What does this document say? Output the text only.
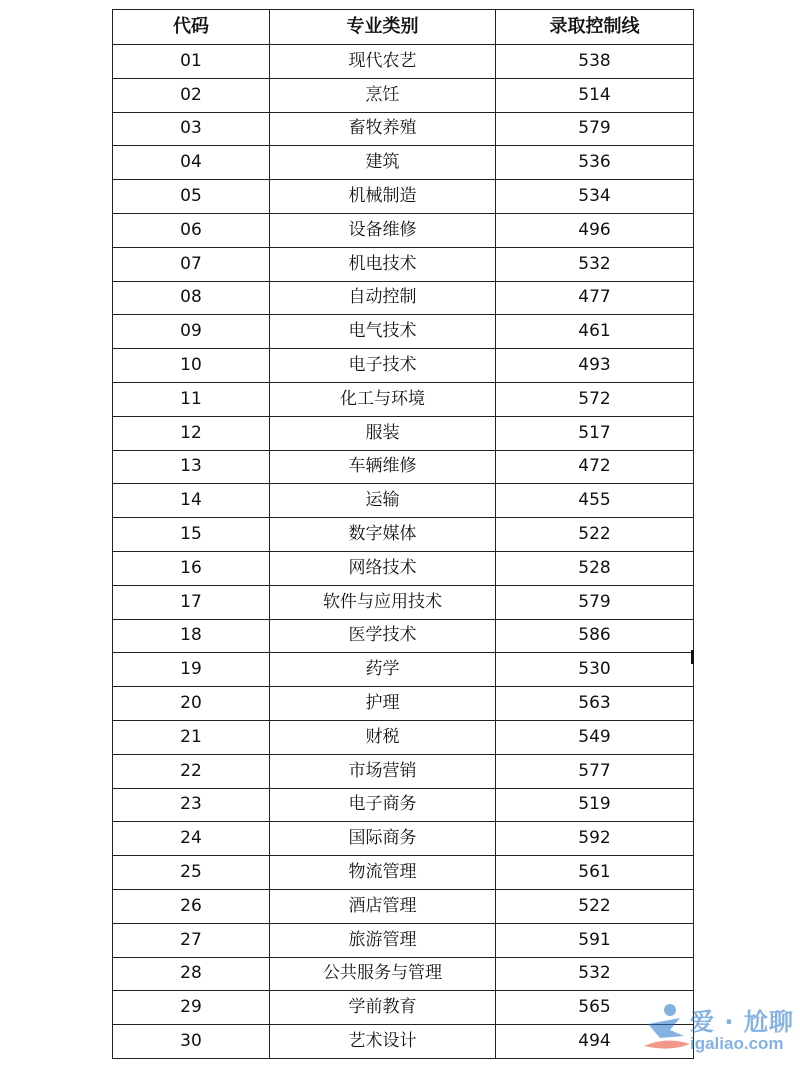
代码	专业类别	录取控制线
01	现代农艺	538
02	烹饪	514
03	畜牧养殖	579
04	建筑	536
05	机械制造	534
06	设备维修	496
07	机电技术	532
08	自动控制	477
09	电气技术	461
10	电子技术	493
11	化工与环境	572
12	服装	517
13	车辆维修	472
14	运输	455
15	数字媒体	522
16	网络技术	528
17	软件与应用技术	579
18	医学技术	586
19	药学	530
20	护理	563
21	财税	549
22	市场营销	577
23	电子商务	519
24	国际商务	592
25	物流管理	561
26	酒店管理	522
27	旅游管理	591
28	公共服务与管理	532
29	学前教育	565
30	艺术设计	494
爱 · 尬聊
igaliao.com
